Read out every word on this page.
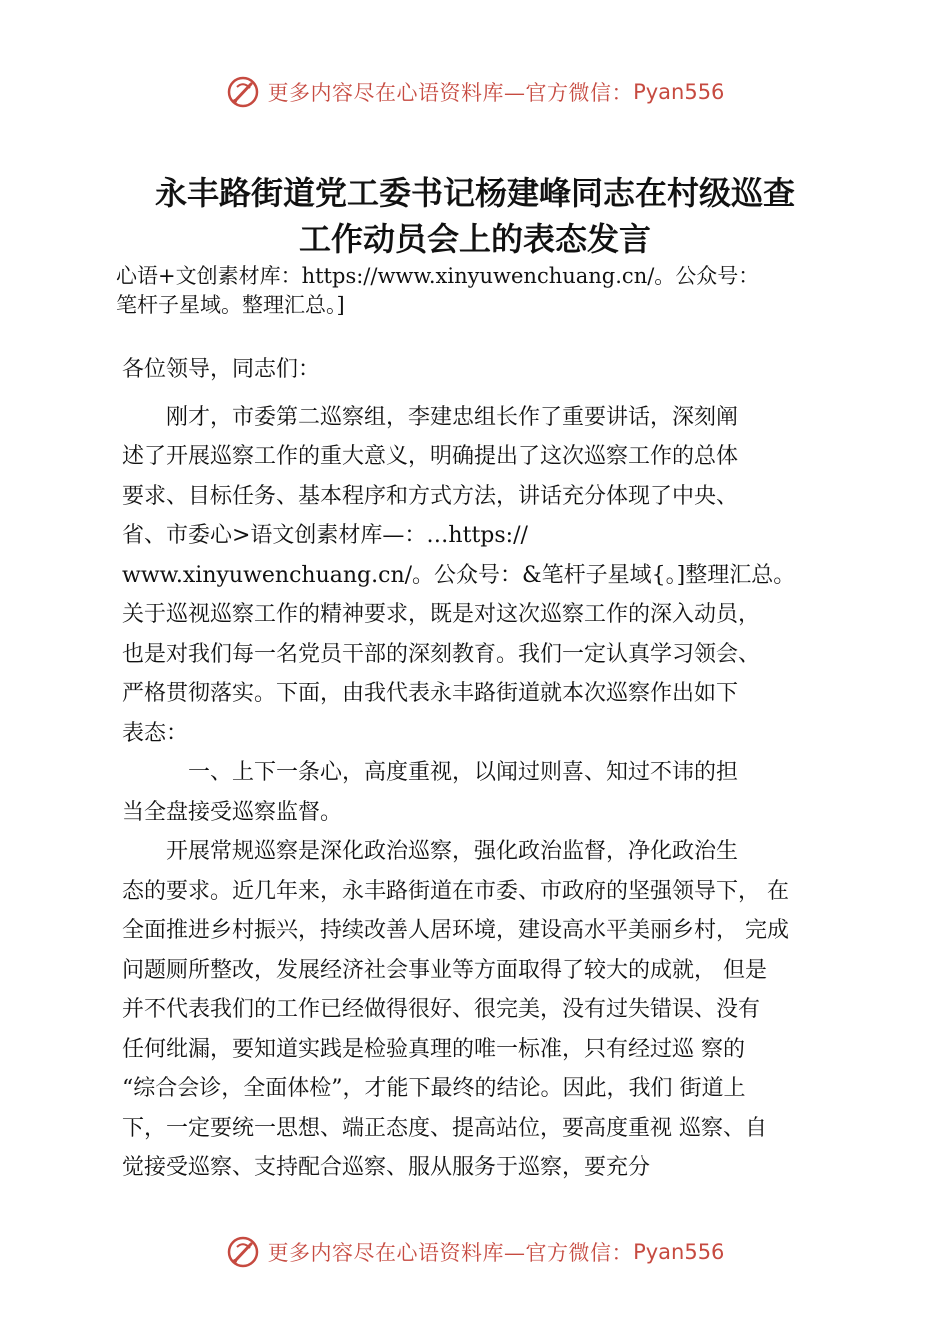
更多内容尽在心语资料库—官方微信： Pyan556
永丰路街道党工委书记杨建峰同志在村级巡查
工作动员会上的表态发言
心语+文创素材库：https://www.xinyuwenchuang.cn/。公众号：
笔杆子星域。整理汇总。]
各位领导，同志们：
　　刚才，市委第二巡察组，李建忠组长作了重要讲话，深刻阐
述了开展巡察工作的重大意义，明确提出了这次巡察工作的总体
要求、目标任务、基本程序和方式方法，讲话充分体现了中央、
省、市委心>语文创素材库—：…https://
www.xinyuwenchuang.cn/。公众号：&笔杆子星域{。]整理汇总。
关于巡视巡察工作的精神要求，既是对这次巡察工作的深入动员，
也是对我们每一名党员干部的深刻教育。我们一定认真学习领会、
严格贯彻落实。下面，由我代表永丰路街道就本次巡察作出如下
表态：
　　　一、上下一条心，高度重视，以闻过则喜、知过不讳的担
当全盘接受巡察监督。
　　开展常规巡察是深化政治巡察，强化政治监督，净化政治生
态的要求。近几年来，永丰路街道在市委、市政府的坚强领导下， 在
全面推进乡村振兴，持续改善人居环境，建设高水平美丽乡村， 完成
问题厕所整改，发展经济社会事业等方面取得了较大的成就， 但是
并不代表我们的工作已经做得很好、很完美，没有过失错误、没有
任何纰漏，要知道实践是检验真理的唯一标准，只有经过巡 察的
“综合会诊，全面体检”，才能下最终的结论。因此，我们 街道上
下，一定要统一思想、端正态度、提高站位，要高度重视 巡察、自
觉接受巡察、支持配合巡察、服从服务于巡察，要充分
更多内容尽在心语资料库—官方微信： Pyan556
